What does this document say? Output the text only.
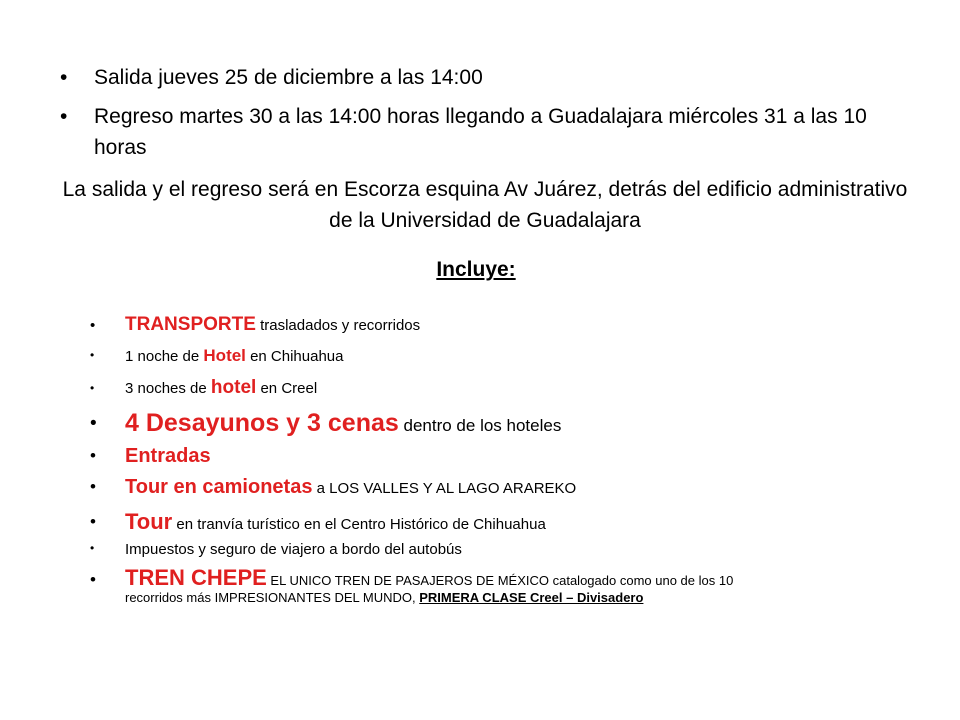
• Salida jueves 25 de diciembre a las 14:00
• Regreso martes 30 a las 14:00 horas llegando a Guadalajara miércoles 31 a las 10 horas
La salida y el regreso será en Escorza esquina Av Juárez, detrás del edificio administrativo de la Universidad de Guadalajara
Incluye:
• TRANSPORTE trasladados y recorridos
• 1 noche de Hotel en Chihuahua
• 3 noches de hotel en Creel
• 4 Desayunos y 3 cenas dentro de los hoteles
• Entradas
• Tour en camionetas a LOS VALLES Y AL LAGO ARAREKO
• Tour en tranvía turístico en el Centro Histórico de Chihuahua
• Impuestos y seguro de viajero a bordo del autobús
• TREN CHEPE EL UNICO TREN DE PASAJEROS DE MÉXICO catalogado como uno de los 10 recorridos más IMPRESIONANTES DEL MUNDO, PRIMERA CLASE Creel – Divisadero
